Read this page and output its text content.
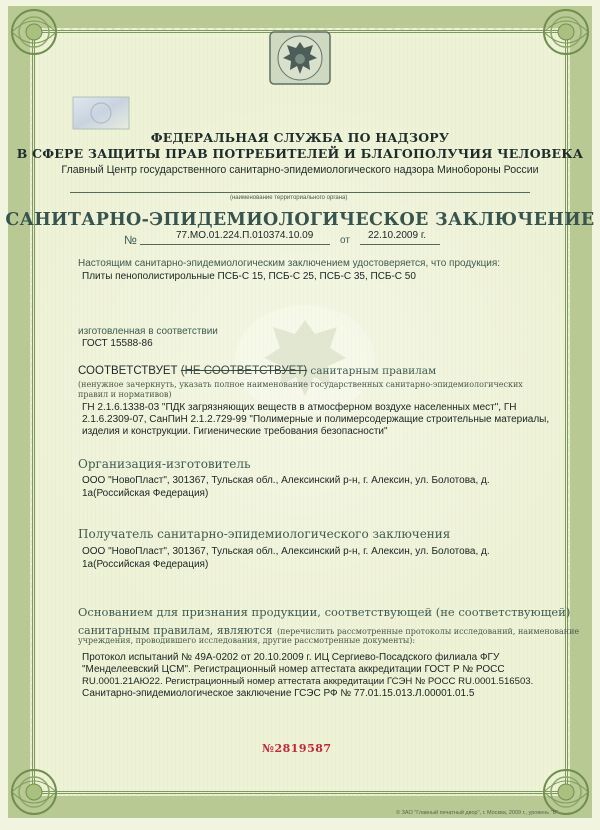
ФЕДЕРАЛЬНАЯ СЛУЖБА ПО НАДЗОРУ
В СФЕРЕ ЗАЩИТЫ ПРАВ ПОТРЕБИТЕЛЕЙ И БЛАГОПОЛУЧИЯ ЧЕЛОВЕКА
Главный Центр государственного санитарно-эпидемиологического надзора Минобороны России
(наименование территориального органа)
САНИТАРНО-ЭПИДЕМИОЛОГИЧЕСКОЕ ЗАКЛЮЧЕНИЕ
№	77.МО.01.224.П.010374.10.09	от 22.10.2009 г.
Настоящим санитарно-эпидемиологическим заключением удостоверяется, что продукция:
Плиты пенополистирольные ПСБ-С 15, ПСБ-С 25, ПСБ-С 35, ПСБ-С 50
изготовленная в соответствии
ГОСТ 15588-86
СООТВЕТСТВУЕТ (НЕ СООТВЕТСТВУЕТ) санитарным правилам
(ненужное зачеркнуть, указать полное наименование государственных санитарно-эпидемиологических
правил и нормативов)
ГН 2.1.6.1338-03 "ПДК загрязняющих веществ в атмосферном воздухе населенных мест", ГН
2.1.6.2309-07, СанПиН 2.1.2.729-99 "Полимерные и полимерсодержащие строительные материалы,
изделия и конструкции. Гигиенические требования безопасности"
Организация-изготовитель
ООО "НовоПласт", 301367, Тульская обл., Алексинский р-н, г. Алексин, ул. Болотова, д.
1а(Российская Федерация)
Получатель санитарно-эпидемиологического заключения
ООО "НовоПласт", 301367, Тульская обл., Алексинский р-н, г. Алексин, ул. Болотова, д.
1а(Российская Федерация)
Основанием для признания продукции, соответствующей (не соответствующей)
санитарным правилам, являются (перечислить рассмотренные протоколы исследований, наименование
учреждения, проводившего исследования, другие рассмотренные документы):
Протокол испытаний № 49А-0202 от 20.10.2009 г. ИЦ Сергиево-Посадского филиала ФГУ
"Менделеевский ЦСМ". Регистрационный номер аттестата аккредитации ГОСТ Р № РОСС
RU.0001.21АЮ22. Регистрационный номер аттестата аккредитации ГСЭН № РОСС RU.0001.516503.
Санитарно-эпидемиологическое заключение ГСЭС РФ № 77.01.15.013.Л.00001.01.5
№2819587
© ЗАО "Главный печатный двор", г. Москва, 2009 г., уровень "В"
